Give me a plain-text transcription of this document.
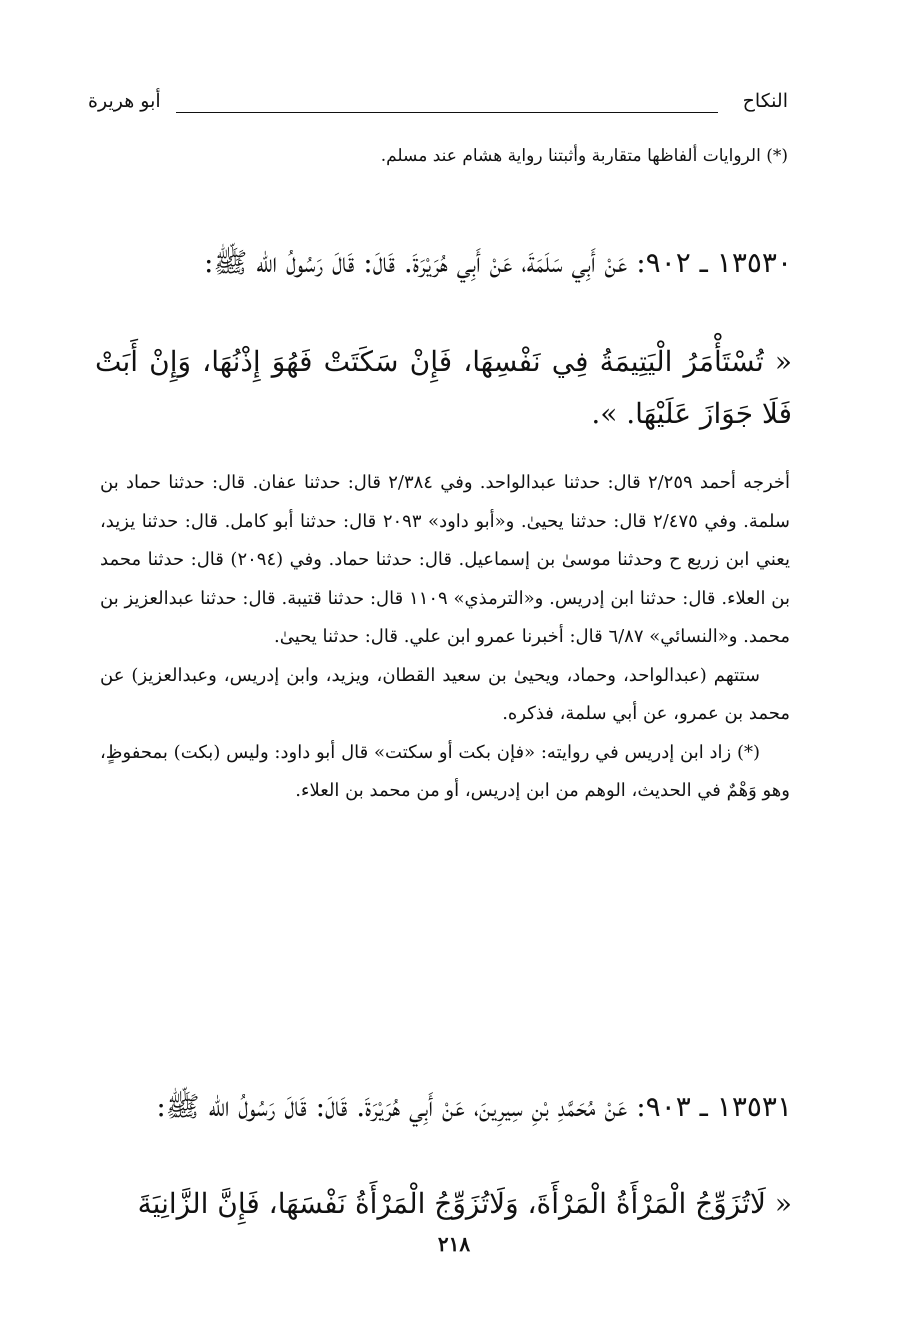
النكاح
أبو هريرة
(*) الروايات ألفاظها متقاربة وأثبتنا رواية هشام عند مسلم.
١٣٥٣٠ ـ ٩٠٢: عَنْ أَبِي سَلَمَةَ، عَنْ أَبِي هُرَيْرَةَ. قَالَ: قَالَ رَسُولُ الله ﷺ:
« تُسْتَأْمَرُ الْيَتِيمَةُ فِي نَفْسِهَا، فَإِنْ سَكَتَتْ فَهُوَ إِذْنُهَا، وَإِنْ أَبَتْ فَلَا جَوَازَ عَلَيْهَا. ».

أخرجه أحمد ٢/٢٥٩ قال: حدثنا عبدالواحد. وفي ٢/٣٨٤ قال: حدثنا عفان. قال: حدثنا حماد بن سلمة. وفي ٢/٤٧٥ قال: حدثنا يحيىٰ. و«أبو داود» ٢٠٩٣ قال: حدثنا أبو كامل. قال: حدثنا يزيد، يعني ابن زريع ح وحدثنا موسىٰ بن إسماعيل. قال: حدثنا حماد. وفي (٢٠٩٤) قال: حدثنا محمد بن العلاء. قال: حدثنا ابن إدريس. و«الترمذي» ١١٠٩ قال: حدثنا قتيبة. قال: حدثنا عبدالعزيز بن محمد. و«النسائي» ٦/٨٧ قال: أخبرنا عمرو ابن علي. قال: حدثنا يحيىٰ.

ستتهم (عبدالواحد، وحماد، ويحيىٰ بن سعيد القطان، ويزيد، وابن إدريس، وعبدالعزيز) عن محمد بن عمرو، عن أبي سلمة، فذكره.

(*) زاد ابن إدريس في روايته: «فإن بكت أو سكتت» قال أبو داود: وليس (بكت) بمحفوظٍ، وهو وَهْمٌ في الحديث، الوهم من ابن إدريس، أو من محمد بن العلاء.

١٣٥٣١ ـ ٩٠٣: عَنْ مُحَمَّدِ بْنِ سِيرِينَ، عَنْ أَبِي هُرَيْرَةَ. قَالَ: قَالَ رَسُولُ الله ﷺ:
« لَاتُزَوِّجُ الْمَرْأَةُ الْمَرْأَةَ، وَلَاتُزَوِّجُ الْمَرْأَةُ نَفْسَهَا، فَإِنَّ الزَّانِيَةَ
٢١٨
